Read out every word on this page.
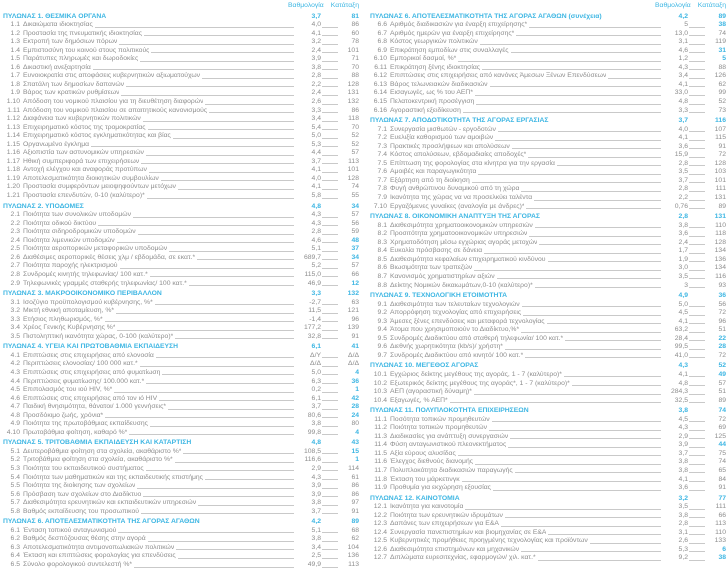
Βαθμολογία Κατάταξη
ΠΥΛΩΝΑΣ 1. ΘΕΣΜΙΚΑ ΟΡΓΑΝΑ	3,7	81
1.1 Δικαιώματα ιδιοκτησίας	4,0	86
1.2 Προστασία της πνευματικής ιδιοκτησίας	4,1	60
1.3 Εκτροπή των δημόσιων πόρων	3,2	78
1.4 Εμπιστοσύνη του κοινού στους πολιτικούς	2,4	101
1.5 Παράτυπες πληρωμές και δωροδοκίες	3,9	71
1.6 Δικαστική ανεξαρτησία	3,8	70
1.7 Ευνοιοκρατία στις αποφάσεις κυβερνητικών αξιωματούχων	2,8	88
1.8 Σπατάλη των δημοσίων δαπανών	2,2	128
1.9 Βάρος των κρατικών ρυθμίσεων	2,4	131
1.10 Απόδοση του νομικού πλαισίου για τη διευθέτηση διαφορών	2,6	132
1.11 Απόδοση του νομικού πλαισίου σε απαιτητικούς κανονισμούς	3,3	86
1.12 Διαφάνεια των κυβερνητικών πολιτικών	3,4	118
1.13 Επιχειρηματικό κόστος της τρομοκρατίας	5,4	70
1.14 Επιχειρηματικό κόστος εγκληματικότητας και βίας	5,0	52
1.15 Οργανωμένο έγκλημα	5,3	52
1.16 Αξιοπιστία των αστυνομικών υπηρεσιών	4,4	57
1.17 Ηθική συμπεριφορά των επιχειρήσεων	3,7	113
1.18 Αντοχή ελέγχου και αναφοράς προτύπων	4,1	101
1.19 Αποτελεσματικότητα διοικητικών συμβουλίων	4,0	128
1.20 Προστασία συμφερόντων μειοψηφούντων μετόχων	4,1	74
1.21 Προστασία επενδυτών, 0-10 (καλύτερο)*	5,8	55
ΠΥΛΩΝΑΣ 2. ΥΠΟΔΟΜΕΣ	4,8	34
2.1 Ποιότητα των συνολικών υποδομών	4,3	57
2.2 Ποιότητα οδικού δικτύου	4,3	56
2.3 Ποιότητα σιδηροδρομικών υποδομών	2,8	59
2.4 Ποιότητα λιμενικών υποδομών	4,6	48
2.5 Ποιότητα αεροπορικών μεταφορικών υποδομών	5,1	37
2.6 Διαθέσιμες αεροπορικές θέσεις χλμ / εβδομάδα, σε εκατ.*	689,7	34
2.7 Ποιότητα παροχής ηλεκτρισμού	5,2	57
2.8 Συνδρομές κινητής τηλεφωνίας/ 100 κατ.*	115,0	66
2.9 Τηλεφωνικές γραμμές σταθερής τηλεφωνίας/ 100 κατ.*	46,9	12
ΠΥΛΩΝΑΣ 3. ΜΑΚΡΟΟΙΚΟΝΟΜΙΚΟ ΠΕΡΙΒΑΛΛΟΝ	3,3	132
3.1 Ισοζύγιο προϋπολογισμού κυβέρνησης, %*	-2,7	63
3.2 Μικτή εθνική αποταμίευση, %*	11,5	121
3.3 Ετήσιος πληθωρισμός, %*	-1,4	96
3.4 Χρέος Γενικής Κυβέρνησης %*	177,2	139
3.5 Πιστοληπτική ικανότητα χώρας, 0-100 (καλύτερο)*	32,8	91
ΠΥΛΩΝΑΣ 4. ΥΓΕΙΑ ΚΑΙ ΠΡΩΤΟΒΑΘΜΙΑ ΕΚΠΑΙΔΕΥΣΗ	6,1	41
4.1 Επιπτώσεις στις επιχειρήσεις από ελονοσία	Δ/Υ	Δ/Δ
4.2 Περιπτώσεις ελονοσίας/ 100 000 κατ.*	Δ/Δ	Δ/Δ
4.3 Επιπτώσεις στις επιχειρήσεις από φυματίωση	5,0	4
4.4 Περιπτώσεις φυματίωσης/ 100.000 κατ.*	6,3	36
4.5 Επιπολασμός του ιού HIV, %*	0,2	1
4.6 Επιπτώσεις στις επιχειρήσεις από τον ιό HIV	6,1	42
4.7 Παιδική θνησιμότητα, θάνατοι/ 1.000 γεννήσεις*	3,7	28
4.8 Προσδόκιμο ζωής, χρόνια*	80,6	24
4.9 Ποιότητα της πρωτοβάθμιας εκπαίδευσης	3,8	80
4.10 Πρωτοβάθμια φοίτηση, καθαρό %*	99,8	4
ΠΥΛΩΝΑΣ 5. ΤΡΙΤΟΒΑΘΜΙΑ ΕΚΠΑΙΔΕΥΣΗ ΚΑΙ ΚΑΤΑΡΤΙΣΗ	4,8	43
5.1 Δευτεροβάθμια φοίτηση στα σχολεία, ακαθάριστο %*	108,5	15
5.2 Τριτοβάθμια φοίτηση στα σχολεία, ακαθάριστο %*	116,6	1
5.3 Ποιότητα του εκπαιδευτικού συστήματος	2,9	114
5.4 Ποιότητα των μαθηματικών και της εκπαιδευτικής επιστήμης	4,3	61
5.5 Ποιότητα της διοίκησης των σχολείων	3,9	86
5.6 Πρόσβαση των σχολείων στο Διαδίκτυο	3,9	86
5.7 Διαθεσιμότητα ερευνητικών και εκπαιδευτικών υπηρεσιών	3,8	97
5.8 Βαθμός εκπαίδευσης του προσωπικού	3,7	91
ΠΥΛΩΝΑΣ 6. ΑΠΟΤΕΛΕΣΜΑΤΙΚΟΤΗΤΑ ΤΗΣ ΑΓΟΡΑΣ ΑΓΑΘΩΝ	4,2	89
6.1 Ένταση τοπικού ανταγωνισμού	5,1	68
6.2 Βαθμός δεσπόζουσας θέσης στην αγορά	3,8	62
6.3 Αποτελεσματικότητα αντιμονοπωλιακών πολιτικών	3,4	104
6.4 Έκταση και επιπτώσεις φορολογίας για επενδύσεις	2,5	136
6.5 Σύνολο φορολογικού συντελεστή %*	49,9	113
Βαθμολογία Κατάταξη
ΠΥΛΩΝΑΣ 6. ΑΠΟΤΕΛΕΣΜΑΤΙΚΟΤΗΤΑ ΤΗΣ ΑΓΟΡΑΣ ΑΓΑΘΩΝ (συνέχεια)	4,2	89
6.6 Αριθμός διαδικασιών για έναρξη επιχείρησης*	5	38
6.7 Αριθμός ημερών για έναρξη επιχείρησης*	13,0	74
6.8 Κόστος γεωργικών πολιτικών	3,1	119
6.9 Επικράτηση εμποδίων στις συναλλαγές	4,6	31
6.10 Εμπορικοί δασμοί, %*	1,2	5
6.11 Επικράτηση ξένης ιδιοκτησίας	4,3	88
6.12 Επιπτώσεις στις επιχειρήσεις από κανόνες Άμεσων Ξένων Επενδύσεων	3,4	126
6.13 Βάρος τελωνειακών διαδικασιών	4,1	62
6.14 Εισαγωγές, ως % του ΑΕΠ*	33,0	99
6.15 Πελατοκεντρική προσέγγιση	4,8	52
6.16 Αγοραστική εξειδίκευση	3,3	73
ΠΥΛΩΝΑΣ 7. ΑΠΟΔΟΤΙΚΟΤΗΤΑ ΤΗΣ ΑΓΟΡΑΣ ΕΡΓΑΣΙΑΣ	3,7	116
7.1 Συνεργασία μισθωτών - εργοδοτών	4,0	107
7.2 Ευελιξία καθορισμού των αμοιβών	4,1	115
7.3 Πρακτικές προσλήψεων και απολύσεων	3,6	91
7.4 Κόστος απολύσεων, εβδομαδιαίες αποδοχές*	15,9	72
7.5 Επίπτωση της φορολογίας στα κίνητρα για την εργασία	2,8	128
7.6 Αμοιβές και παραγωγικότητα	3,5	103
7.7 Εξάρτηση από τη διοίκηση	3,7	101
7.8 Φυγή ανθρώπινου δυναμικού από τη χώρα	2,8	111
7.9 Ικανότητα της χώρας να να προσελκύει ταλέντα	2,2	131
7.10 Εργαζόμενες γυναίκες (αναλογία με άνδρες)*	0,76	89
ΠΥΛΩΝΑΣ 8. ΟΙΚΟΝΟΜΙΚΗ ΑΝΑΠΤΥΞΗ ΤΗΣ ΑΓΟΡΑΣ	2,8	131
8.1 Διαθεσιμότητα χρηματοοικονομικών υπηρεσιών	3,8	110
8.2 Προσιτότητα χρηματοοικονομικών υπηρεσιών	3,6	118
8.3 Χρηματοδότηση μέσω εγχώριας αγοράς μετοχών	2,4	128
8.4 Ευκολία πρόσβασης σε δάνεια	1,7	134
8.5 Διαθεσιμότητα κεφαλαίων επιχειρηματικού κινδύνου	1,9	136
8.6 Βιωσιμότητα των τραπεζών	3,0	134
8.7 Κανονισμός χρηματιστηρίων αξιών	3,5	116
8.8 Δείκτης Νομικών δικαιωμάτων,0-10 (καλύτερο)*	3	93
ΠΥΛΩΝΑΣ 9. ΤΕΧΝΟΛΟΓΙΚΗ ΕΤΟΙΜΟΤΗΤΑ	4,9	36
9.1 Διαθεσιμότητα των τελευταίων τεχνολογιών	5,0	56
9.2 Απορρόφηση τεχνολογίας από επιχειρήσεις	4,5	72
9.3 Άμεσες ξένες επενδύσεις και μεταφορά τεχνολογίας	4,1	96
9.4 Άτομα που χρησιμοποιούν το Διαδίκτυο,%*	63,2	51
9.5 Συνδρομές Διαδικτύου από σταθερή τηλεφωνία/ 100 κατ.*	28,4	22
9.6 Διεθνής χωρητικότητα (kb/s)/ χρήστη*	99,5	28
9.7 Συνδρομές Διαδικτύου από κινητό/ 100 κατ.*	41,0	72
ΠΥΛΩΝΑΣ 10. ΜΕΓΕΘΟΣ ΑΓΟΡΑΣ	4,3	52
10.1 Εγχώριος δείκτης μεγέθους της αγοράς, 1 - 7 (καλύτερο)*	4,1	49
10.2 Εξωτερικός δείκτης μεγέθους της αγοράς*, 1 - 7 (καλύτερο)*	4,8	57
10.3 ΑΕΠ (αγοραστική δύναμη)*	284,3	51
10.4 Εξαγωγές, % ΑΕΠ*	32,5	89
ΠΥΛΩΝΑΣ 11. ΠΟΛΥΠΛΟΚΟΤΗΤΑ ΕΠΙΧΕΙΡΗΣΕΩΝ	3,8	74
11.1 Ποσότητα τοπικών προμηθευτών	4,5	72
11.2 Ποιότητα τοπικών προμηθευτών	4,3	69
11.3 Διαδικασίες για ανάπτυξη συνεργασιών	2,9	125
11.4 Φύση ανταγωνιστικού πλεονεκτήματος	3,9	44
11.5 Αξία εύρους αλυσίδας	3,7	75
11.6 Έλεγχος διεθνούς διανομής	3,8	74
11.7 Πολυπλοκότητα διαδικασιών παραγωγής	3,8	65
11.8 Έκταση του μάρκετινγκ	4,1	84
11.9 Προθυμία για εκχώρηση εξουσίας	3,6	91
ΠΥΛΩΝΑΣ 12. ΚΑΙΝΟΤΟΜΙΑ	3,2	77
12.1 Ικανότητα για καινοτομία	3,5	111
12.2 Ποιότητα των ερευνητικών ιδρυμάτων	3,8	66
12.3 Δαπάνες των επιχειρήσεων για Ε&Α	2,8	113
12.4 Συνεργασία πανεπιστημίων και βιομηχανίας σε Ε&Α	3,1	110
12.5 Κυβερνητικές προμήθειες προηγμένης τεχνολογίας και προϊόντων	2,6	133
12.6 Διαθεσιμότητα επιστημόνων και μηχανικών	5,3	6
12.7 Διπλώματα ευρεσιτεχνίας, εφαρμογών/ χιλ. κατ.*	9,2	38
